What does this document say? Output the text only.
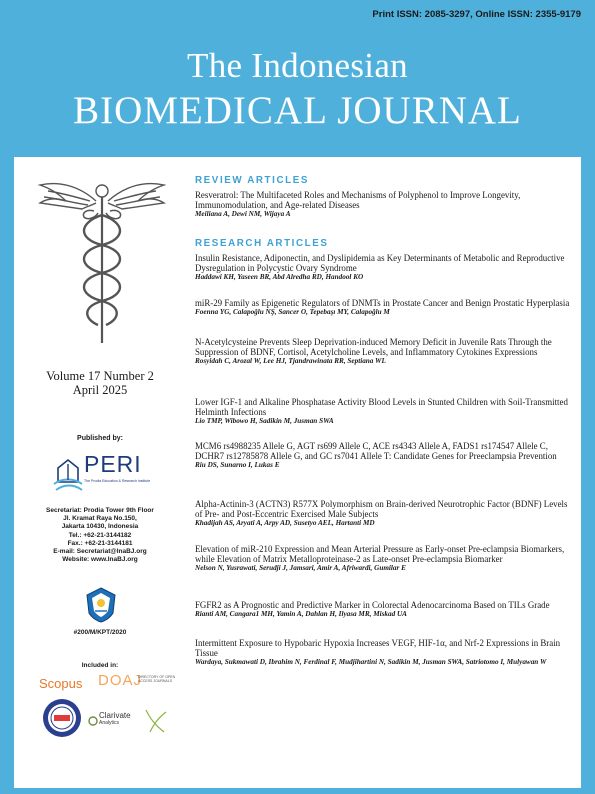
Print ISSN: 2085-3297, Online ISSN: 2355-9179
The Indonesian
BIOMEDICAL JOURNAL
Volume 17 Number 2
April 2025
Published by:
PERI
The Prodia Education & Research Institute
Secretariat: Prodia Tower 9th Floor
Jl. Kramat Raya No.150,
Jakarta 10430, Indonesia
Tel.: +62-21-3144182
Fax.: +62-21-3144181
E-mail: Secretariat@InaBJ.org
Website: www.InaBJ.org
#200/M/KPT/2020
Included in:
Scopus DOAJ
DIRECTORY OF OPEN ACCESS JOURNALS
Clarivate
Analytics
REVIEW ARTICLES
Resveratrol: The Multifaceted Roles and Mechanisms of Polyphenol to Improve Longevity, Immunomodulation, and Age-related Diseases
Meiliana A, Dewi NM, Wijaya A
RESEARCH ARTICLES
Insulin Resistance, Adiponectin, and Dyslipidemia as Key Determinants of Metabolic and Reproductive Dysregulation in Polycystic Ovary Syndrome
Haddawi KH, Yaseen BR, Abd Alredha RD, Handool KO
miR-29 Family as Epigenetic Regulators of DNMTs in Prostate Cancer and Benign Prostatic Hyperplasia
Foenna YG, Calapoğlu NŞ, Sancer O, Tepebaşı MY, Calapoğlu M
N-Acetylcysteine Prevents Sleep Deprivation-induced Memory Deficit in Juvenile Rats Through the Suppression of BDNF, Cortisol, Acetylcholine Levels, and Inflammatory Cytokines Expressions
Rosyidah C, Arozal W, Lee HJ, Tjandrawinata RR, Septiana WL
Lower IGF-1 and Alkaline Phosphatase Activity Blood Levels in Stunted Children with Soil-Transmitted Helminth Infections
Lio TMP, Wibowo H, Sadikin M, Jusman SWA
MCM6 rs4988235 Allele G, AGT rs699 Allele C, ACE rs4343 Allele A, FADS1 rs174547 Allele C, DCHR7 rs12785878 Allele G, and GC rs7041 Allele T: Candidate Genes for Preeclampsia Prevention
Riu DS, Sunarno I, Lukas E
Alpha-Actinin-3 (ACTN3) R577X Polymorphism on Brain-derived Neurotrophic Factor (BDNF) Levels of Pre- and Post-Eccentric Exercised Male Subjects
Khadijah AS, Aryati A, Arpy AD, Susetyo AEL, Hartanti MD
Elevation of miR-210 Expression and Mean Arterial Pressure as Early-onset Pre-eclampsia Biomarkers, while Elevation of Matrix Metalloproteinase-2 as Late-onset Pre-eclampsia Biomarker
Nelson N, Yusrawati, Serudji J, Jamsari, Amir A, Afriwardi, Gumilar E
FGFR2 as A Prognostic and Predictive Marker in Colorectal Adenocarcinoma Based on TILs Grade
Rianti AM, Cangara1 MH, Yamin A, Dahlan H, Ilyasa MR, Miskad UA
Intermittent Exposure to Hypobaric Hypoxia Increases VEGF, HIF-1α, and Nrf-2 Expressions in Brain Tissue
Wardaya, Sukmawati D, Ibrahim N, Ferdinal F, Mudjihartini N, Sadikin M, Jusman SWA, Satriotomo I, Mulyawan W
